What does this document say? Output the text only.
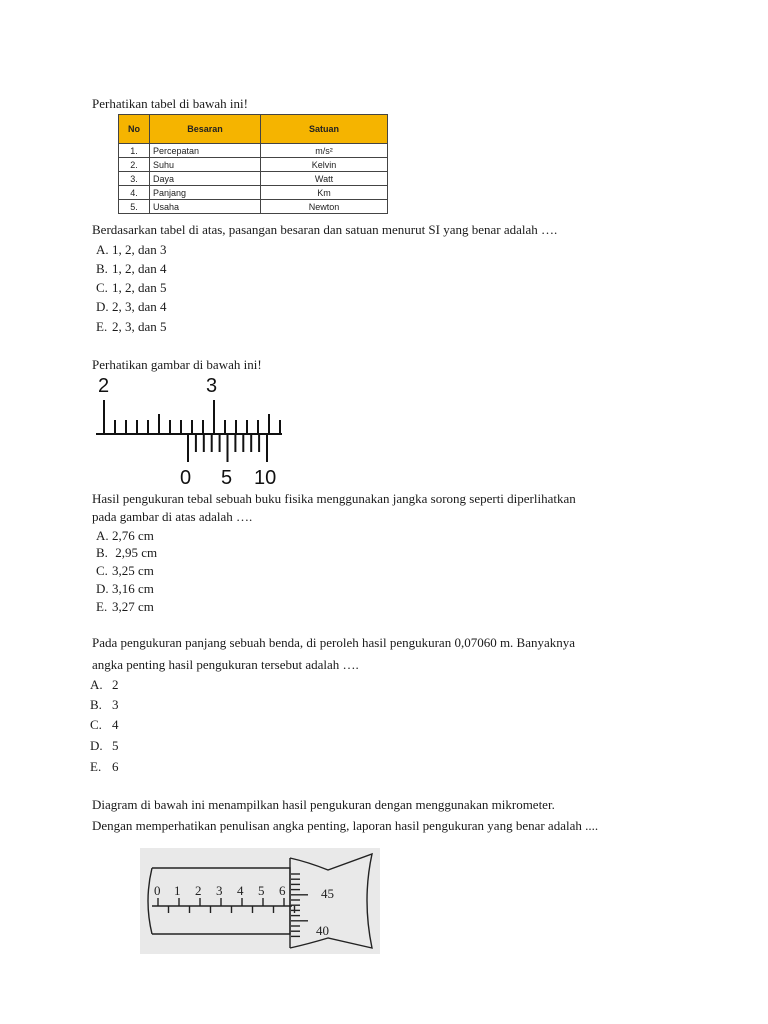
Perhatikan tabel di bawah ini!
No	Besaran	Satuan
1.	Percepatan	m/s²
2.	Suhu	Kelvin
3.	Daya	Watt
4.	Panjang	Km
5.	Usaha	Newton
Berdasarkan tabel di atas, pasangan besaran dan satuan menurut SI yang benar adalah ….
A. 1, 2, dan 3
B. 1, 2, dan 4
C. 1, 2, dan 5
D. 2, 3, dan 4
E. 2, 3, dan 5
Perhatikan gambar di bawah ini!
2	3
0 5 10
Hasil pengukuran tebal sebuah buku fisika menggunakan jangka sorong seperti diperlihatkan
pada gambar di atas adalah ….
A. 2,76 cm
B. 2,95 cm
C. 3,25 cm
D. 3,16 cm
E. 3,27 cm
Pada pengukuran panjang sebuah benda, di peroleh hasil pengukuran 0,07060 m. Banyaknya
angka penting hasil pengukuran tersebut adalah ….
A. 2
B. 3
C. 4
D. 5
E. 6
Diagram di bawah ini menampilkan hasil pengukuran dengan menggunakan mikrometer.
Dengan memperhatikan penulisan angka penting, laporan hasil pengukuran yang benar adalah ....
0 1 2 3 4 5 6	45
40
